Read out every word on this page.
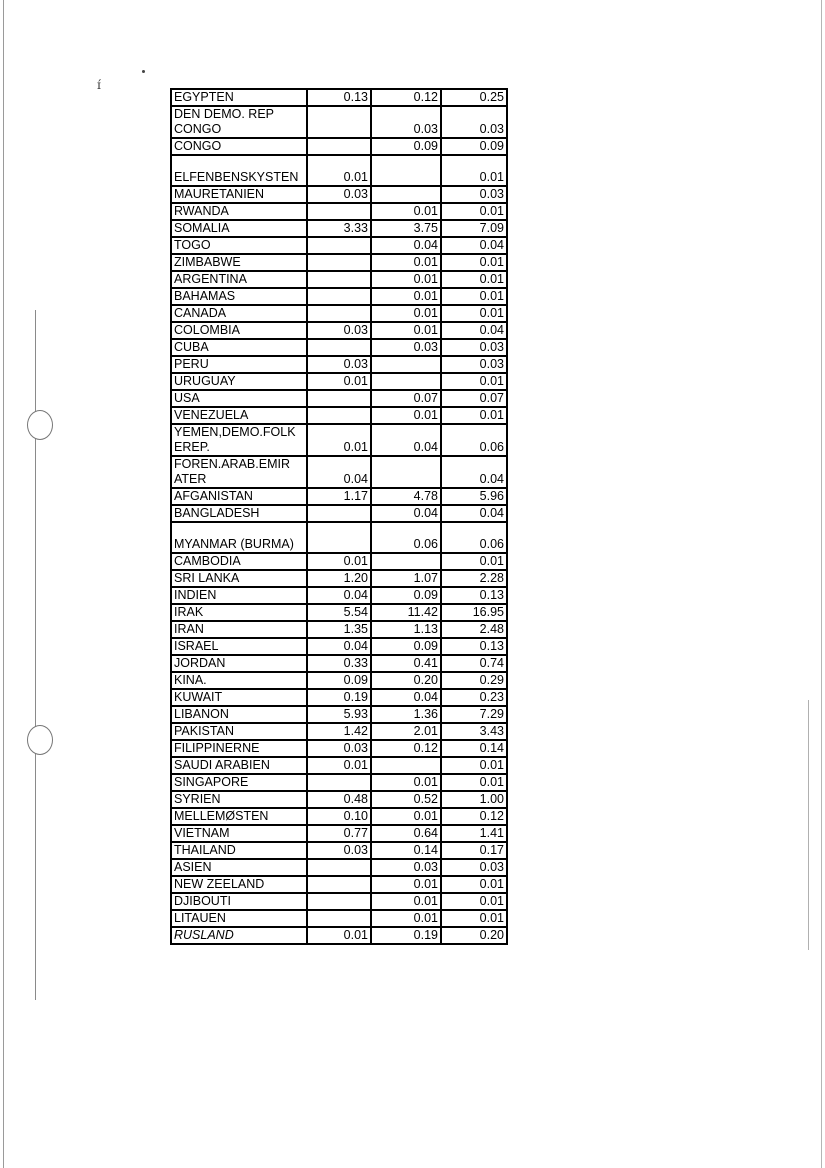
ɪ́
EGYPTEN	0.13	0.12	0.25
DEN DEMO. REP
CONGO		0.03	0.03
CONGO		0.09	0.09
ELFENBENSKYSTEN	0.01		0.01
MAURETANIEN	0.03		0.03
RWANDA		0.01	0.01
SOMALIA	3.33	3.75	7.09
TOGO		0.04	0.04
ZIMBABWE		0.01	0.01
ARGENTINA		0.01	0.01
BAHAMAS		0.01	0.01
CANADA		0.01	0.01
COLOMBIA	0.03	0.01	0.04
CUBA		0.03	0.03
PERU	0.03		0.03
URUGUAY	0.01		0.01
USA		0.07	0.07
VENEZUELA		0.01	0.01
YEMEN,DEMO.FOLK
EREP.	0.01	0.04	0.06
FOREN.ARAB.EMIR
ATER	0.04		0.04
AFGANISTAN	1.17	4.78	5.96
BANGLADESH		0.04	0.04
MYANMAR (BURMA)		0.06	0.06
CAMBODIA	0.01		0.01
SRI LANKA	1.20	1.07	2.28
INDIEN	0.04	0.09	0.13
IRAK	5.54	11.42	16.95
IRAN	1.35	1.13	2.48
ISRAEL	0.04	0.09	0.13
JORDAN	0.33	0.41	0.74
KINA.	0.09	0.20	0.29
KUWAIT	0.19	0.04	0.23
LIBANON	5.93	1.36	7.29
PAKISTAN	1.42	2.01	3.43
FILIPPINERNE	0.03	0.12	0.14
SAUDI ARABIEN	0.01		0.01
SINGAPORE		0.01	0.01
SYRIEN	0.48	0.52	1.00
MELLEMØSTEN	0.10	0.01	0.12
VIETNAM	0.77	0.64	1.41
THAILAND	0.03	0.14	0.17
ASIEN		0.03	0.03
NEW ZEELAND		0.01	0.01
DJIBOUTI		0.01	0.01
LITAUEN		0.01	0.01
RUSLAND	0.01	0.19	0.20
